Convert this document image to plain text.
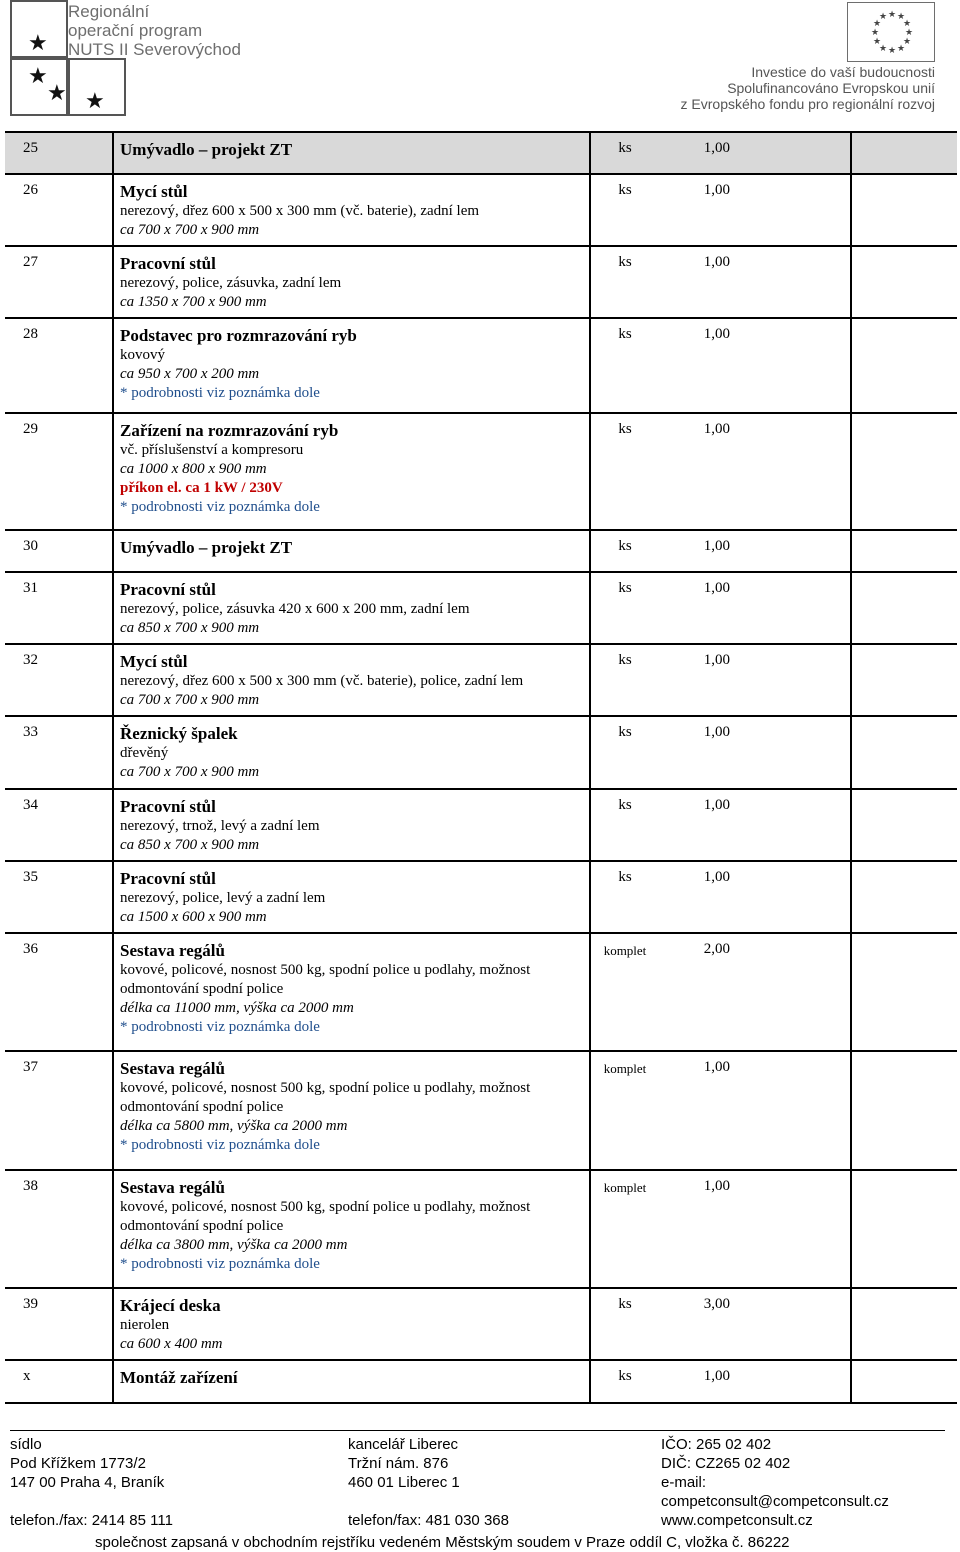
★
★
★ ★
Regionální
operační program
NUTS II Severovýchod
★ ★
★
★
★
★
★
★
★
★
★
★
Investice do vaší budoucnosti
Spolufinancováno Evropskou unií
z Evropského fondu pro regionální rozvoj
25	Umývadlo – projekt ZT	ks	1,00
26	Mycí stůl
nerezový, dřez 600 x 500 x 300 mm (vč. baterie), zadní lem
ca 700 x 700 x 900 mm
ks	1,00
27	Pracovní stůl
nerezový, police, zásuvka, zadní lem
ca 1350 x 700 x 900 mm
ks	1,00
28	Podstavec pro rozmrazování ryb
kovový
ca 950 x 700 x 200 mm
* podrobnosti viz poznámka dole
ks	1,00
29	Zařízení na rozmrazování ryb
vč. příslušenství a kompresoru
ca 1000 x 800 x 900 mm
příkon el. ca 1 kW / 230V
* podrobnosti viz poznámka dole
ks	1,00
30	Umývadlo – projekt ZT	ks	1,00
31	Pracovní stůl
nerezový, police, zásuvka 420 x 600 x 200 mm, zadní lem
ca 850 x 700 x 900 mm
ks	1,00
32	Mycí stůl
nerezový, dřez 600 x 500 x 300 mm (vč. baterie), police, zadní lem
ca 700 x 700 x 900 mm
ks	1,00
33	Řeznický špalek
dřevěný
ca 700 x 700 x 900 mm
ks	1,00
34	Pracovní stůl
nerezový, trnož, levý a zadní lem
ca 850 x 700 x 900 mm
ks	1,00
35	Pracovní stůl
nerezový, police, levý a zadní lem
ca 1500 x 600 x 900 mm
ks	1,00
36	Sestava regálů
kovové, policové, nosnost 500 kg, spodní police u podlahy, možnost
odmontování spodní police
délka ca 11000 mm, výška ca 2000 mm
* podrobnosti viz poznámka dole
komplet	2,00
37	Sestava regálů
kovové, policové, nosnost 500 kg, spodní police u podlahy, možnost
odmontování spodní police
délka ca 5800 mm, výška ca 2000 mm
* podrobnosti viz poznámka dole
komplet	1,00
38	Sestava regálů
kovové, policové, nosnost 500 kg, spodní police u podlahy, možnost
odmontování spodní police
délka ca 3800 mm, výška ca 2000 mm
* podrobnosti viz poznámka dole
komplet	1,00
39	Krájecí deska
nierolen
ca 600 x 400 mm
ks	3,00
x	Montáž zařízení	ks	1,00
sídlo
Pod Křížkem 1773/2
147 00 Praha 4, Braník
telefon./fax: 2414 85 111
kancelář Liberec
Tržní nám. 876
460 01 Liberec 1
telefon/fax: 481 030 368
IČO: 265 02 402
DIČ: CZ265 02 402
e-mail:
competconsult@competconsult.cz
www.competconsult.cz
společnost zapsaná v obchodním rejstříku vedeném Městským soudem v Praze oddíl C, vložka č. 86222
